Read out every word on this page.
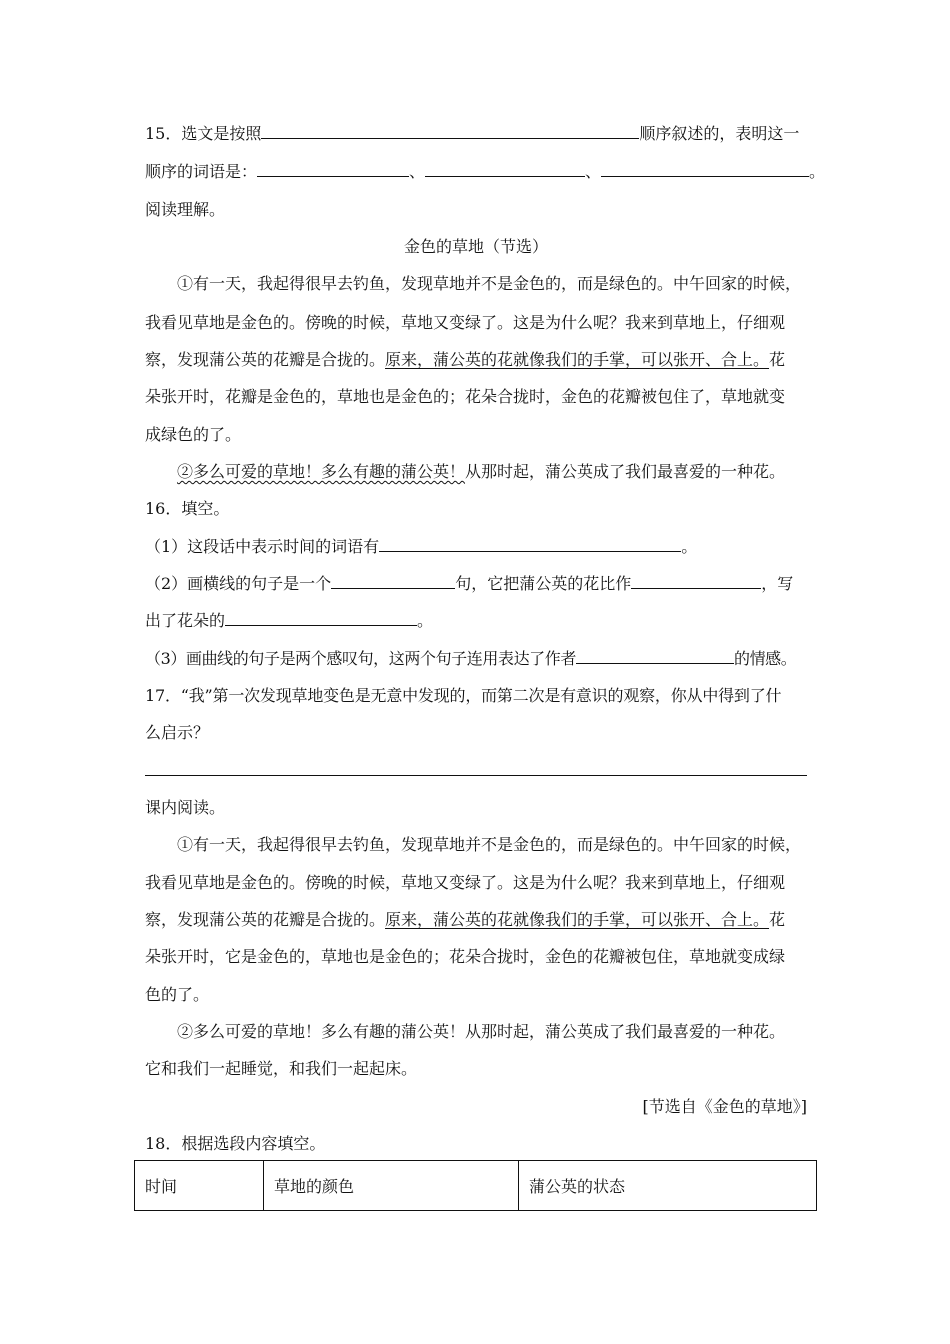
15．选文是按照	顺序叙述的，表明这一
顺序的词语是：	、	、	。
阅读理解。
金色的草地（节选）
①有一天，我起得很早去钓鱼，发现草地并不是金色的，而是绿色的。中午回家的时候，
我看见草地是金色的。傍晚的时候，草地又变绿了。这是为什么呢？我来到草地上，仔细观
察，发现蒲公英的花瓣是合拢的。原来，蒲公英的花就像我们的手掌，可以张开、合上。花
朵张开时，花瓣是金色的，草地也是金色的；花朵合拢时，金色的花瓣被包住了，草地就变
成绿色的了。
②多么可爱的草地！多么有趣的蒲公英！从那时起，蒲公英成了我们最喜爱的一种花。
16．填空。
（1）这段话中表示时间的词语有	。
（2）画横线的句子是一个	句，它把蒲公英的花比作	，写
出了花朵的	。
（3）画曲线的句子是两个感叹句，这两个句子连用表达了作者	的情感。
17．“我”第一次发现草地变色是无意中发现的，而第二次是有意识的观察，你从中得到了什
么启示？
课内阅读。
①有一天，我起得很早去钓鱼，发现草地并不是金色的，而是绿色的。中午回家的时候，
我看见草地是金色的。傍晚的时候，草地又变绿了。这是为什么呢？我来到草地上，仔细观
察，发现蒲公英的花瓣是合拢的。原来，蒲公英的花就像我们的手掌，可以张开、合上。花
朵张开时，它是金色的，草地也是金色的；花朵合拢时，金色的花瓣被包住，草地就变成绿
色的了。
②多么可爱的草地！多么有趣的蒲公英！从那时起，蒲公英成了我们最喜爱的一种花。
它和我们一起睡觉，和我们一起起床。
[节选自《金色的草地》]
18．根据选段内容填空。
时间	草地的颜色	蒲公英的状态
